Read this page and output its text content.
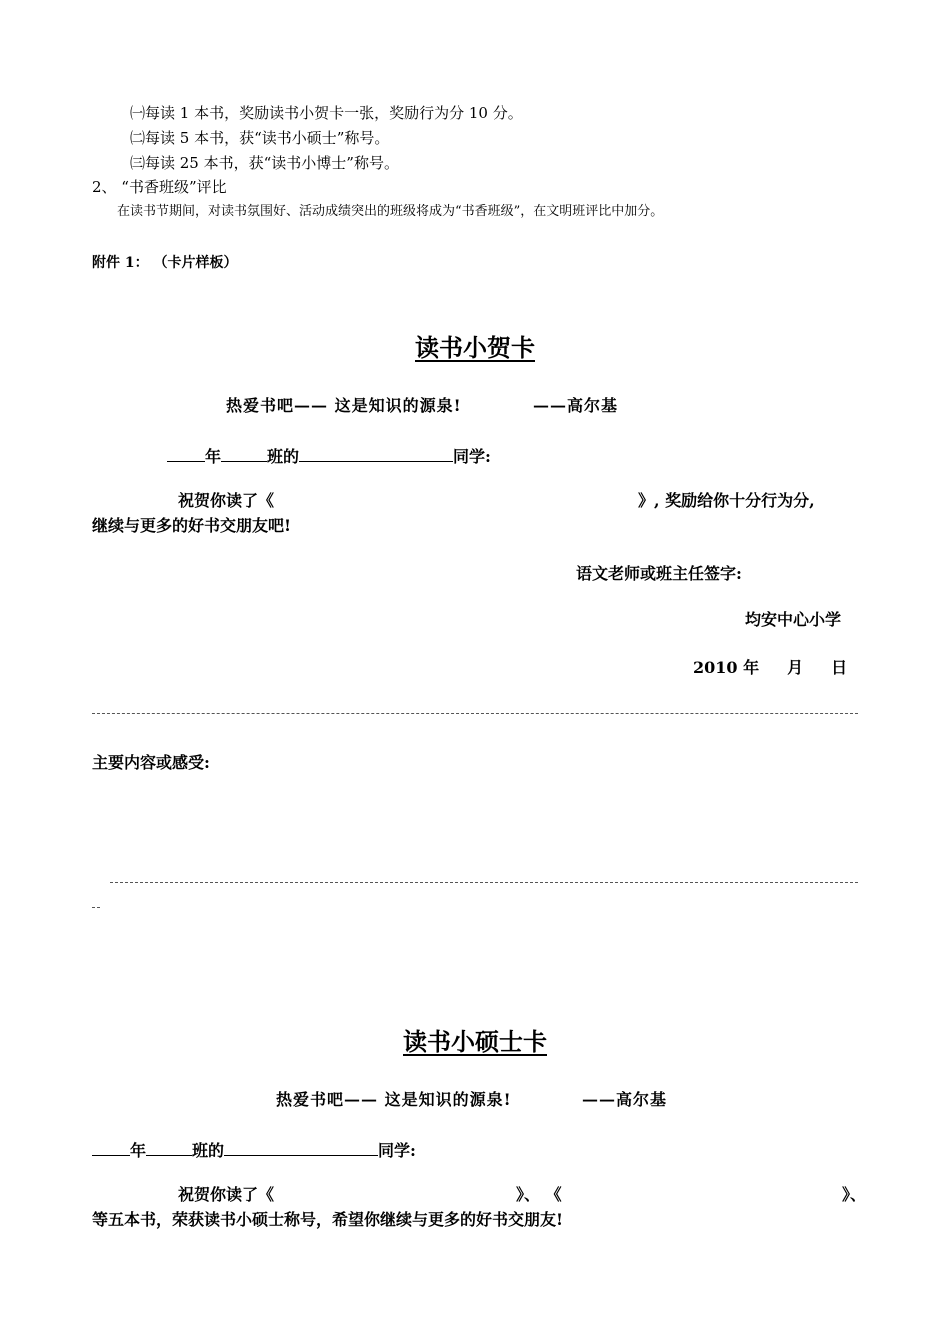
㈠每读 1 本书，奖励读书小贺卡一张，奖励行为分 10 分。
㈡每读 5 本书，获“读书小硕士”称号。
㈢每读 25 本书，获“读书小博士”称号。
2、 “书香班级”评比
在读书节期间，对读书氛围好、活动成绩突出的班级将成为“书香班级”，在文明班评比中加分。
附件 1： （卡片样板）
读书小贺卡
热爱书吧—— 这是知识的源泉!	——高尔基
年	班的	同学:
祝贺你读了《	》, 奖励给你十分行为分,
继续与更多的好书交朋友吧!
语文老师或班主任签字:
均安中心小学
2010 年 月 日
主要内容或感受:
读书小硕士卡
热爱书吧—— 这是知识的源泉!	——高尔基
年	班的	同学:
祝贺你读了《	》、 《	》、
等五本书，荣获读书小硕士称号，希望你继续与更多的好书交朋友!
